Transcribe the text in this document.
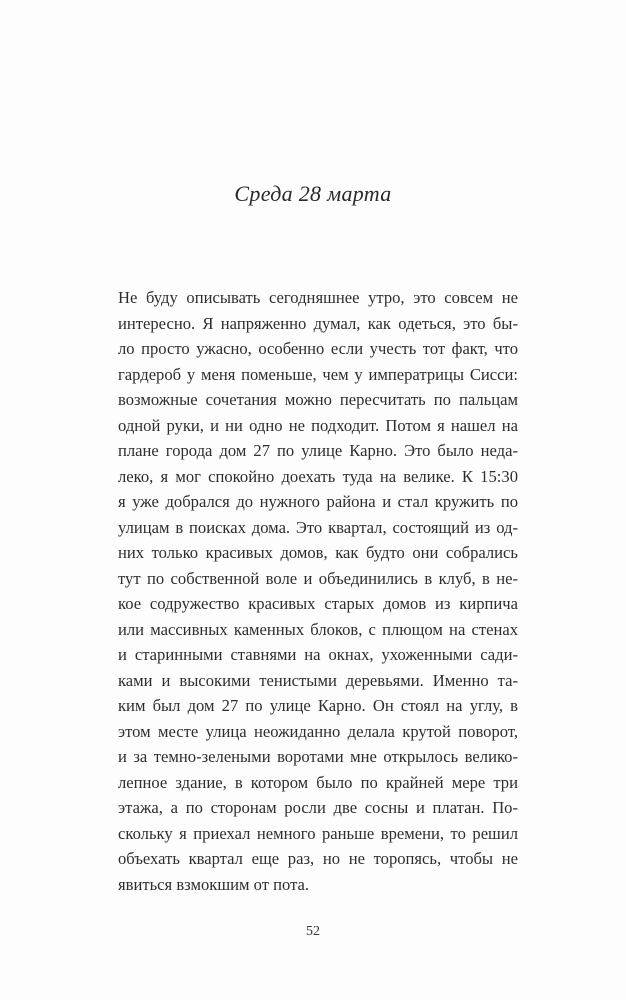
Среда 28 марта
Не буду описывать сегодняшнее утро, это совсем не
интересно. Я напряженно думал, как одеться, это бы-
ло просто ужасно, особенно если учесть тот факт, что
гардероб у меня поменьше, чем у императрицы Сисси:
возможные сочетания можно пересчитать по пальцам
одной руки, и ни одно не подходит. Потом я нашел на
плане города дом 27 по улице Карно. Это было неда-
леко, я мог спокойно доехать туда на велике. К 15:30
я уже добрался до нужного района и стал кружить по
улицам в поисках дома. Это квартал, состоящий из од-
них только красивых домов, как будто они собрались
тут по собственной воле и объединились в клуб, в не-
кое содружество красивых старых домов из кирпича
или массивных каменных блоков, с плющом на стенах
и старинными ставнями на окнах, ухоженными сади-
ками и высокими тенистыми деревьями. Именно та-
ким был дом 27 по улице Карно. Он стоял на углу, в
этом месте улица неожиданно делала крутой поворот,
и за темно-зелеными воротами мне открылось велико-
лепное здание, в котором было по крайней мере три
этажа, а по сторонам росли две сосны и платан. По-
скольку я приехал немного раньше времени, то решил
объехать квартал еще раз, но не торопясь, чтобы не
явиться взмокшим от пота.
52
